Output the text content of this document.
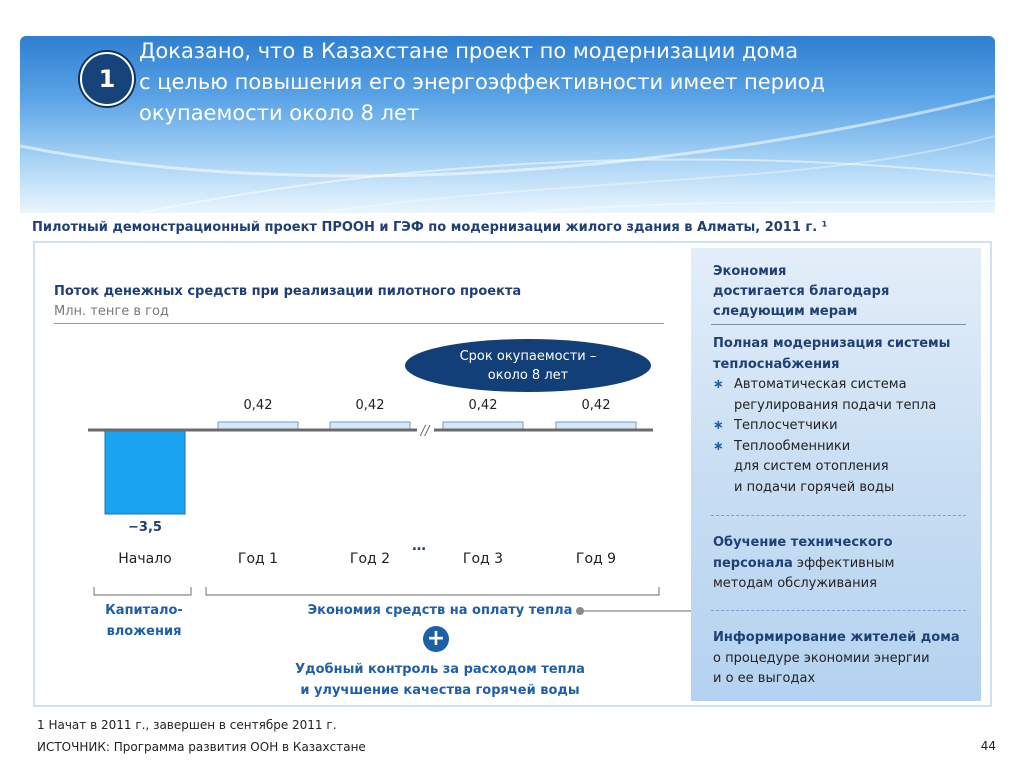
1
Доказано, что в Казахстане проект по модернизации дома
с целью повышения его энергоэффективности имеет период
окупаемости около 8 лет
Пилотный демонстрационный проект ПРООН и ГЭФ по модернизации жилого здания в Алматы, 2011 г. ¹
Поток денежных средств при реализации пилотного проекта
Млн. тенге в год
Срок окупаемости –
около 8 лет
//
−3,5
Начало
0,42
Год 1
0,42
Год 2
0,42
Год 3
0,42
Год 9
…
Капитало-
вложения
Экономия средств на оплату тепла
+
Удобный контроль за расходом тепла
и улучшение качества горячей воды
Экономия
достигается благодаря
следующим мерам
Полная модернизация системы
теплоснабжения
∗ Автоматическая система
регулирования подачи тепла
∗ Теплосчетчики
∗ Теплообменники
для систем отопления
и подачи горячей воды
Обучение технического
персонала эффективным
методам обслуживания
Информирование жителей дома
о процедуре экономии энергии
и о ее выгодах
1 Начат в 2011 г., завершен в сентябре 2011 г.
ИСТОЧНИК: Программа развития ООН в Казахстане	44
